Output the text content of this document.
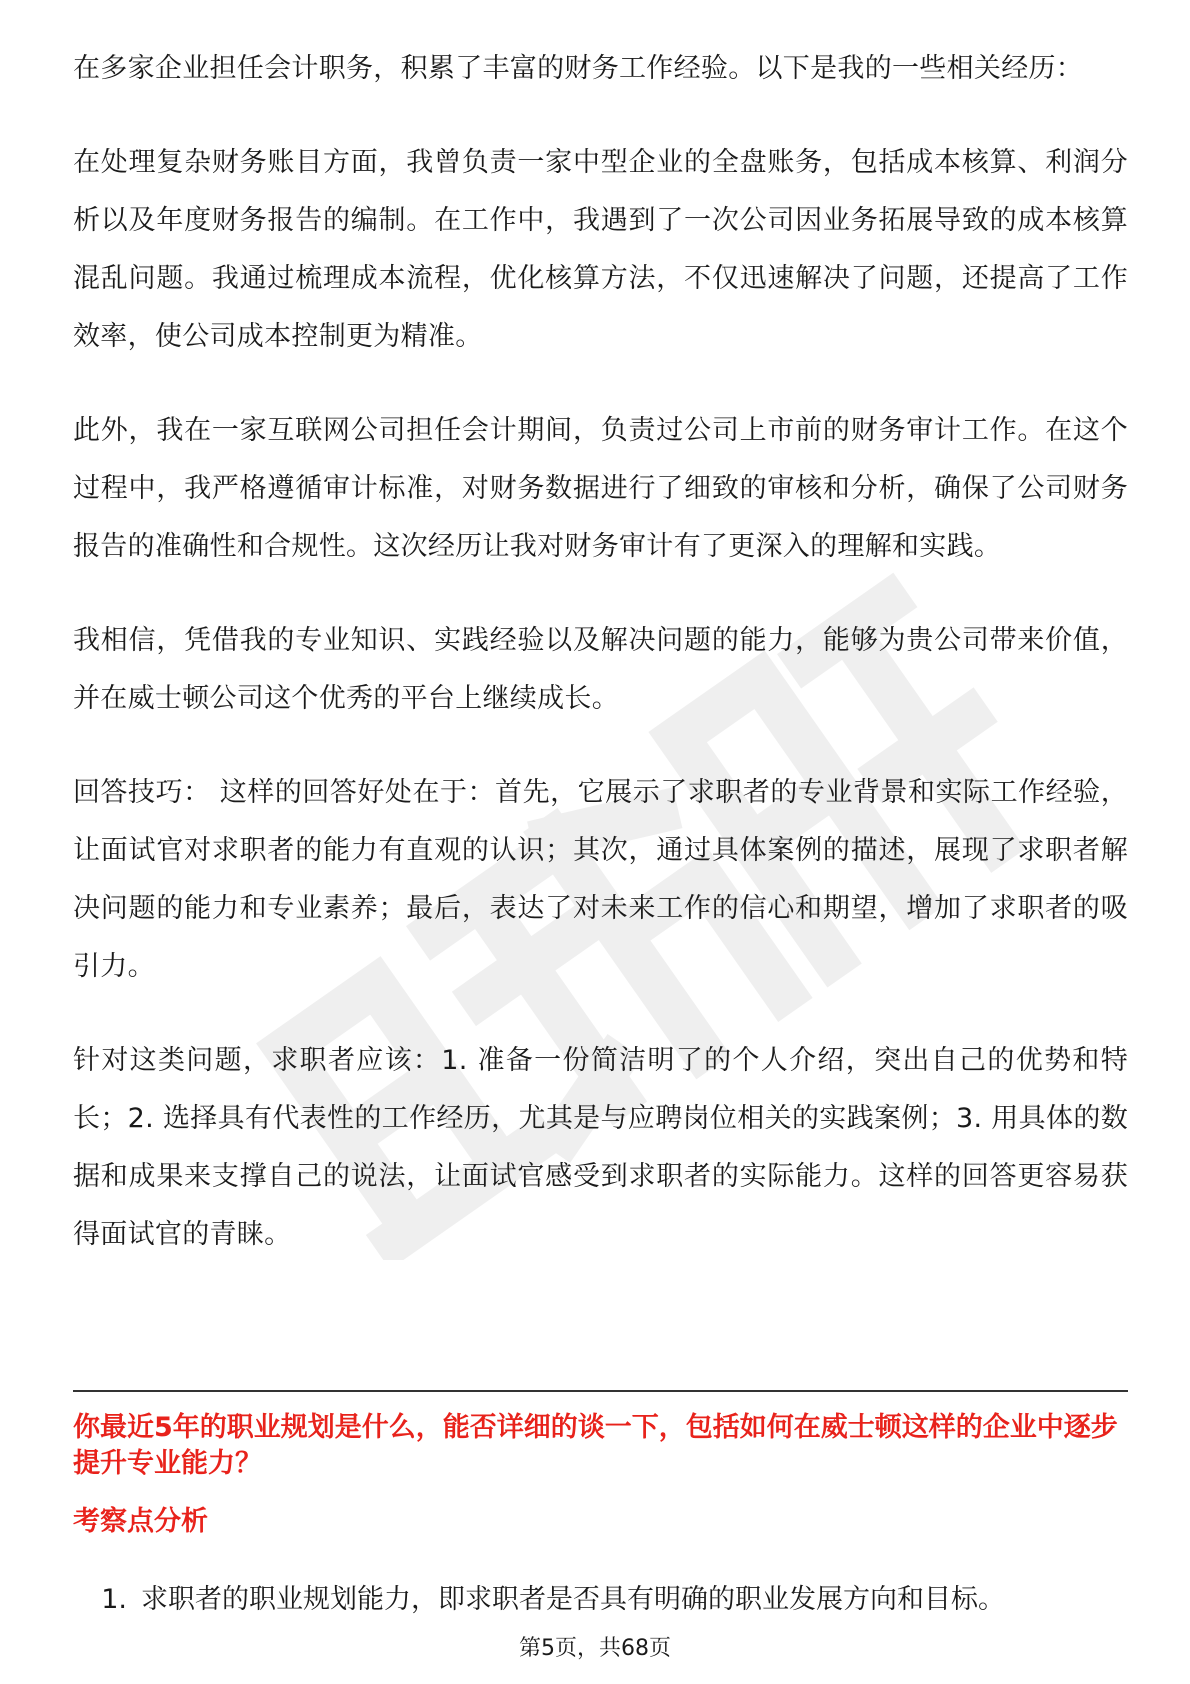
在多家企业担任会计职务，积累了丰富的财务工作经验。以下是我的一些相关经历：

在处理复杂财务账目方面，我曾负责一家中型企业的全盘账务，包括成本核算、利润分析以及年度财务报告的编制。在工作中，我遇到了一次公司因业务拓展导致的成本核算混乱问题。我通过梳理成本流程，优化核算方法，不仅迅速解决了问题，还提高了工作效率，使公司成本控制更为精准。

此外，我在一家互联网公司担任会计期间，负责过公司上市前的财务审计工作。在这个过程中，我严格遵循审计标准，对财务数据进行了细致的审核和分析，确保了公司财务报告的准确性和合规性。这次经历让我对财务审计有了更深入的理解和实践。

我相信，凭借我的专业知识、实践经验以及解决问题的能力，能够为贵公司带来价值，并在威士顿公司这个优秀的平台上继续成长。

回答技巧： 这样的回答好处在于：首先，它展示了求职者的专业背景和实际工作经验，让面试官对求职者的能力有直观的认识；其次，通过具体案例的描述，展现了求职者解决问题的能力和专业素养；最后，表达了对未来工作的信心和期望，增加了求职者的吸引力。

针对这类问题，求职者应该：1. 准备一份简洁明了的个人介绍，突出自己的优势和特长；2. 选择具有代表性的工作经历，尤其是与应聘岗位相关的实践案例；3. 用具体的数据和成果来支撑自己的说法，让面试官感受到求职者的实际能力。这样的回答更容易获得面试官的青睐。

你最近5年的职业规划是什么，能否详细的谈一下，包括如何在威士顿这样的企业中逐步提升专业能力？

考察点分析

1. 求职者的职业规划能力，即求职者是否具有明确的职业发展方向和目标。
第5页，共68页
